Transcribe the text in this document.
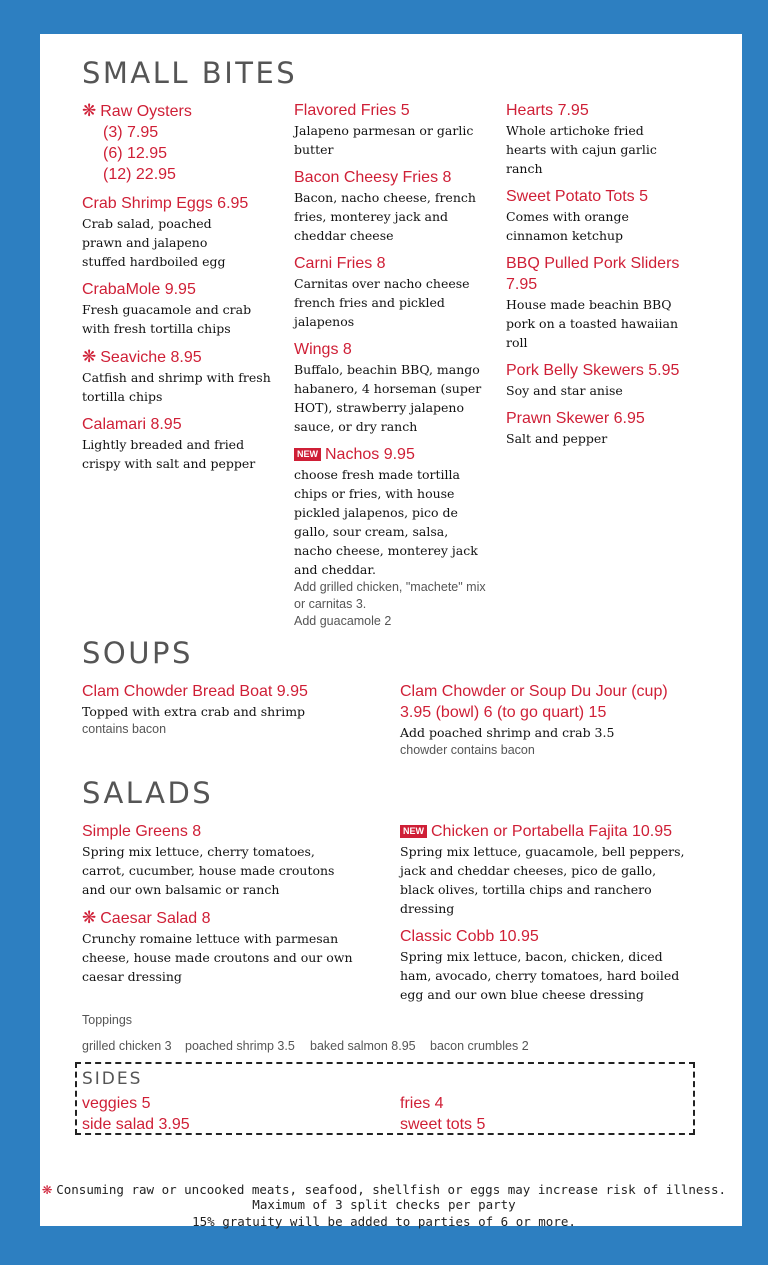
SMALL BITES
❋ Raw Oysters
(3) 7.95
(6) 12.95
(12) 22.95
Crab Shrimp Eggs 6.95
Crab salad, poached prawn and jalapeno stuffed hardboiled egg
CrabaMole 9.95
Fresh guacamole and crab with fresh tortilla chips
❋ Seaviche 8.95
Catfish and shrimp with fresh tortilla chips
Calamari 8.95
Lightly breaded and fried crispy with salt and pepper
Flavored Fries 5
Jalapeno parmesan or garlic butter
Bacon Cheesy Fries 8
Bacon, nacho cheese, french fries, monterey jack and cheddar cheese
Carni Fries 8
Carnitas over nacho cheese french fries and pickled jalapenos
Wings 8
Buffalo, beachin BBQ, mango habanero, 4 horseman (super HOT), strawberry jalapeno sauce, or dry ranch
NEW Nachos 9.95
choose fresh made tortilla chips or fries, with house pickled jalapenos, pico de gallo, sour cream, salsa, nacho cheese, monterey jack and cheddar.
Add grilled chicken, "machete" mix or carnitas 3.
Add guacamole 2
Hearts 7.95
Whole artichoke fried hearts with cajun garlic ranch
Sweet Potato Tots 5
Comes with orange cinnamon ketchup
BBQ Pulled Pork Sliders 7.95
House made beachin BBQ pork on a toasted hawaiian roll
Pork Belly Skewers 5.95
Soy and star anise
Prawn Skewer 6.95
Salt and pepper
SOUPS
Clam Chowder Bread Boat 9.95
Topped with extra crab and shrimp
contains bacon
Clam Chowder or Soup Du Jour (cup) 3.95 (bowl) 6 (to go quart) 15
Add poached shrimp and crab 3.5
chowder contains bacon
SALADS
Simple Greens 8
Spring mix lettuce, cherry tomatoes, carrot, cucumber, house made croutons and our own balsamic or ranch
❋ Caesar Salad 8
Crunchy romaine lettuce with parmesan cheese, house made croutons and our own caesar dressing
NEW Chicken or Portabella Fajita 10.95
Spring mix lettuce, guacamole, bell peppers, jack and cheddar cheeses, pico de gallo, black olives, tortilla chips and ranchero dressing
Classic Cobb 10.95
Spring mix lettuce, bacon, chicken, diced ham, avocado, cherry tomatoes, hard boiled egg and our own blue cheese dressing
Toppings
grilled chicken 3 poached shrimp 3.5 baked salmon 8.95 bacon crumbles 2
SIDES
veggies 5
side salad 3.95
fries 4
sweet tots 5
❋ Consuming raw or uncooked meats, seafood, shellfish or eggs may increase risk of illness.
Maximum of 3 split checks per party
15% gratuity will be added to parties of 6 or more.
